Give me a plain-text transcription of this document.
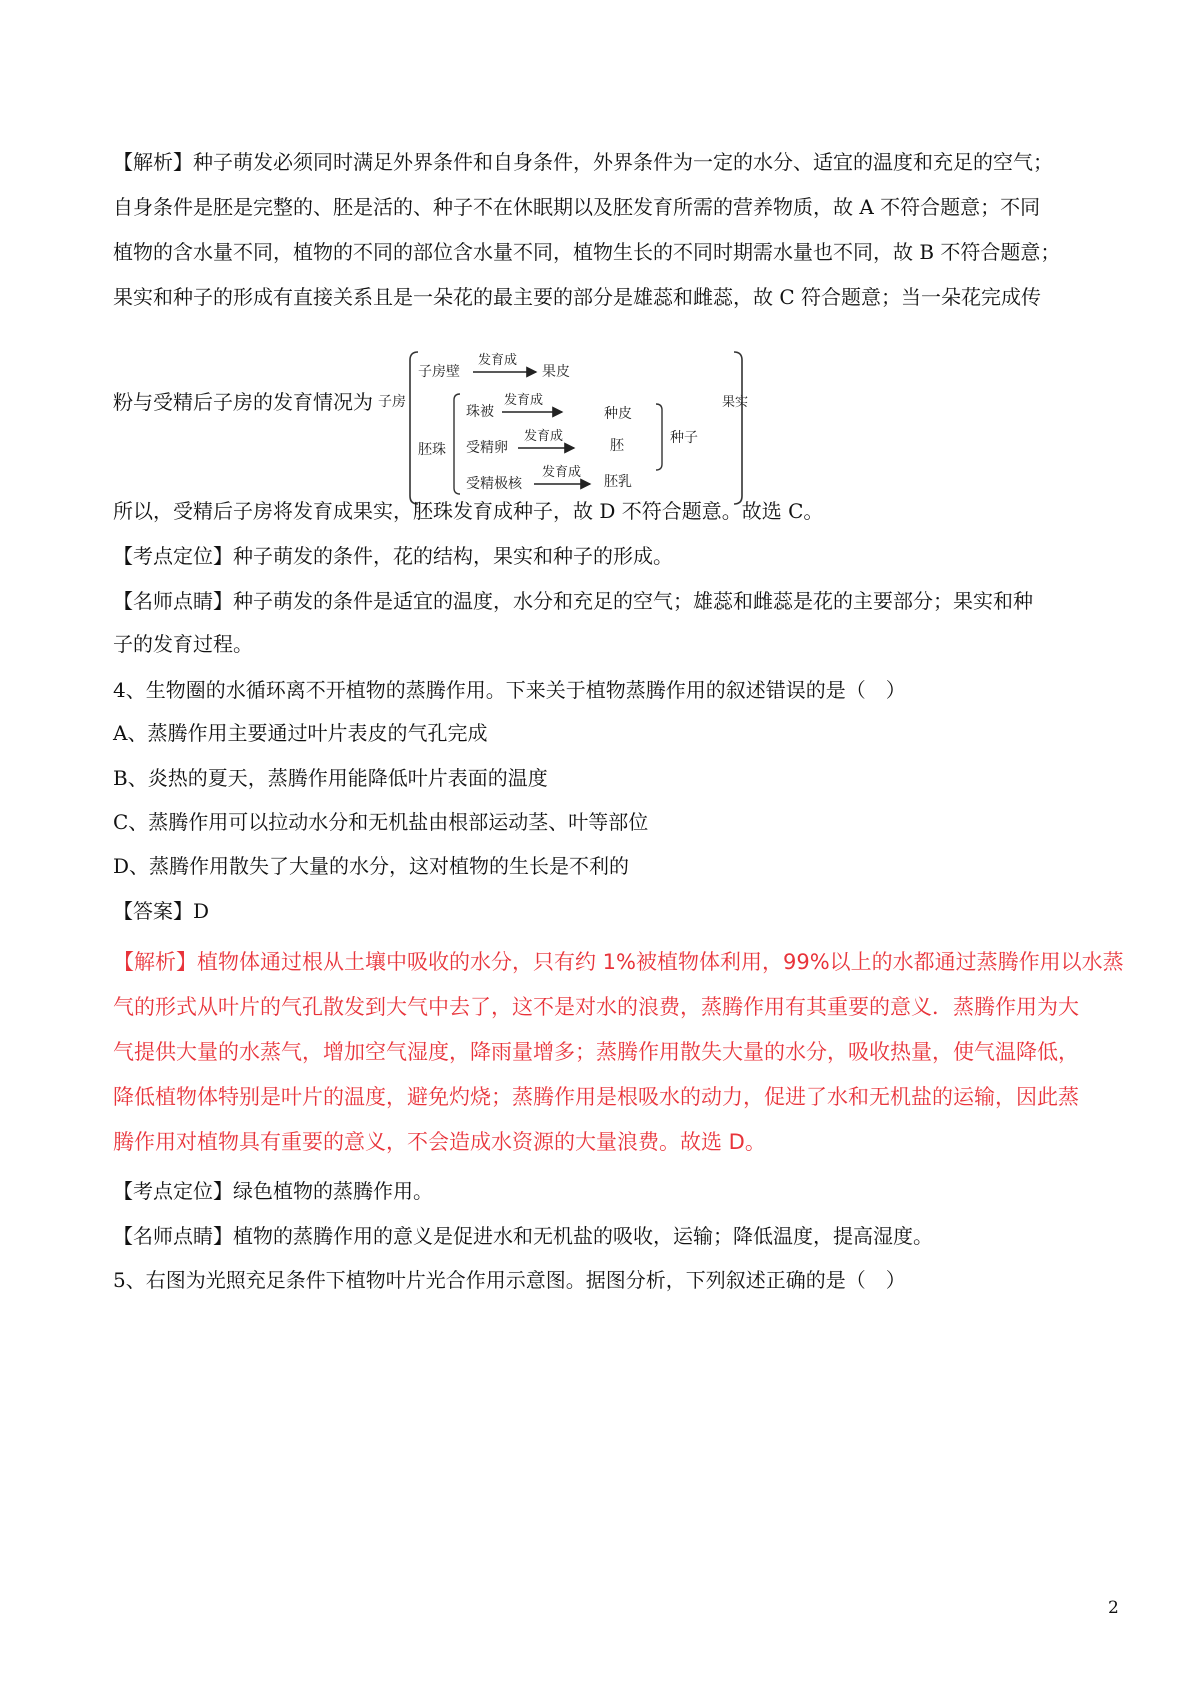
【解析】种子萌发必须同时满足外界条件和自身条件，外界条件为一定的水分、适宜的温度和充足的空气；
自身条件是胚是完整的、胚是活的、种子不在休眠期以及胚发育所需的营养物质，故 A 不符合题意；不同
植物的含水量不同，植物的不同的部位含水量不同，植物生长的不同时期需水量也不同，故 B 不符合题意；
果实和种子的形成有直接关系且是一朵花的最主要的部分是雄蕊和雌蕊，故 C 符合题意；当一朵花完成传
粉与受精后子房的发育情况为 子房
子房壁
发育成
果皮
胚珠
珠被
发育成
受精卵
发育成
受精极核
发育成
种皮
胚
胚乳
种子
果实
所以，受精后子房将发育成果实，胚珠发育成种子，故 D 不符合题意。故选 C。
【考点定位】种子萌发的条件，花的结构，果实和种子的形成。
【名师点睛】种子萌发的条件是适宜的温度，水分和充足的空气；雄蕊和雌蕊是花的主要部分；果实和种
子的发育过程。
4、生物圈的水循环离不开植物的蒸腾作用。下来关于植物蒸腾作用的叙述错误的是（　）
A、蒸腾作用主要通过叶片表皮的气孔完成
B、炎热的夏天，蒸腾作用能降低叶片表面的温度
C、蒸腾作用可以拉动水分和无机盐由根部运动茎、叶等部位
D、蒸腾作用散失了大量的水分，这对植物的生长是不利的
【答案】D
【解析】植物体通过根从土壤中吸收的水分，只有约 1%被植物体利用，99%以上的水都通过蒸腾作用以水蒸
气的形式从叶片的气孔散发到大气中去了，这不是对水的浪费，蒸腾作用有其重要的意义．蒸腾作用为大
气提供大量的水蒸气，增加空气湿度，降雨量增多；蒸腾作用散失大量的水分，吸收热量，使气温降低，
降低植物体特别是叶片的温度，避免灼烧；蒸腾作用是根吸水的动力，促进了水和无机盐的运输，因此蒸
腾作用对植物具有重要的意义，不会造成水资源的大量浪费。故选 D。
【考点定位】绿色植物的蒸腾作用。
【名师点睛】植物的蒸腾作用的意义是促进水和无机盐的吸收，运输；降低温度，提高湿度。
5、右图为光照充足条件下植物叶片光合作用示意图。据图分析，下列叙述正确的是（　）
2
